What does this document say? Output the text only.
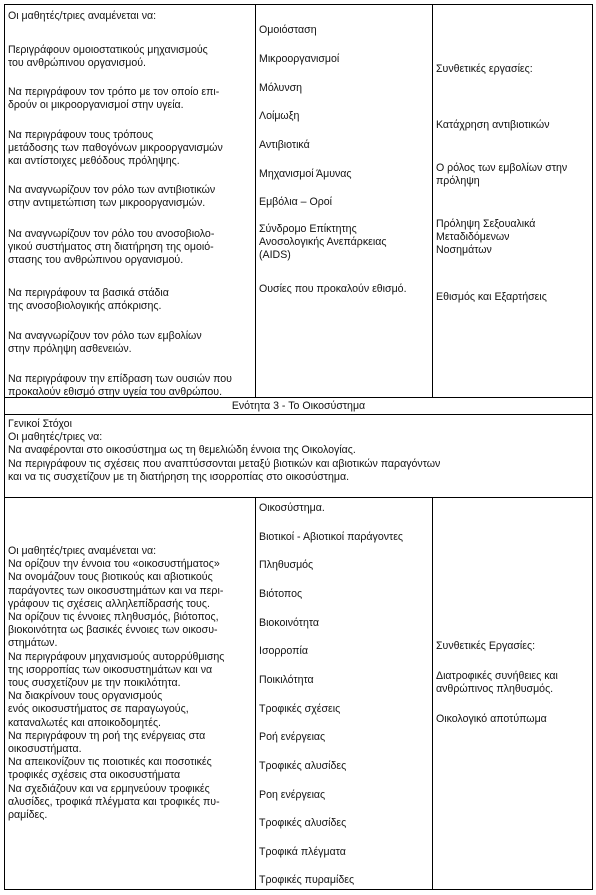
Οι μαθητές/τριες αναμένεται να:
Περιγράφουν ομοιοστατικούς μηχανισμούς
του ανθρώπινου οργανισμού.
Να περιγράφουν τον τρόπο με τον οποίο επι-
δρούν οι μικροοργανισμοί στην υγεία.
Να περιγράφουν τους τρόπους
μετάδοσης των παθογόνων μικροοργανισμών
και αντίστοιχες μεθόδους πρόληψης.
Να αναγνωρίζουν τον ρόλο των αντιβιοτικών
στην αντιμετώπιση των μικροοργανισμών.
Να αναγνωρίζουν τον ρόλο του ανοσοβιολο-
γικού συστήματος στη διατήρηση της ομοιό-
στασης του ανθρώπινου οργανισμού.
Να περιγράφουν τα βασικά στάδια
της ανοσοβιολογικής απόκρισης.
Να αναγνωρίζουν τον ρόλο των εμβολίων
στην πρόληψη ασθενειών.
Να περιγράφουν την επίδραση των ουσιών που
προκαλούν εθισμό στην υγεία του ανθρώπου.
Ομοιόσταση
Μικροοργανισμοί
Μόλυνση
Λοίμωξη
Αντιβιοτικά
Μηχανισμοί Άμυνας
Εμβόλια – Οροί
Σύνδρομο Επίκτητης
Ανοσολογικής Ανεπάρκειας
(AIDS)
Ουσίες που προκαλούν εθισμό.
Συνθετικές εργασίες:
Κατάχρηση αντιβιοτικών
Ο ρόλος των εμβολίων στην
πρόληψη
Πρόληψη Σεξουαλικά
Μεταδιδόμενων
Νοσημάτων
Εθισμός και Εξαρτήσεις
Ενότητα 3 - Το Οικοσύστημα
Γενικοί Στόχοι
Οι μαθητές/τριες να:
Να αναφέρονται στο οικοσύστημα ως τη θεμελιώδη έννοια της Οικολογίας.
Να περιγράφουν τις σχέσεις που αναπτύσσονται μεταξύ βιοτικών και αβιοτικών παραγόντων
και να τις συσχετίζουν με τη διατήρηση της ισορροπίας στο οικοσύστημα.
Οι μαθητές/τριες αναμένεται να:
Να ορίζουν την έννοια του «οικοσυστήματος»
Να ονομάζουν τους βιοτικούς και αβιοτικούς
παράγοντες των οικοσυστημάτων και να περι-
γράφουν τις σχέσεις αλληλεπίδρασής τους.
Να ορίζουν τις έννοιες πληθυσμός, βιότοπος,
βιοκοινότητα ως βασικές έννοιες των οικοσυ-
στημάτων.
Να περιγράφουν μηχανισμούς αυτορρύθμισης
της ισορροπίας των οικοσυστημάτων και να
τους συσχετίζουν με την ποικιλότητα.
Να διακρίνουν τους οργανισμούς
ενός οικοσυστήματος σε παραγωγούς,
καταναλωτές και αποικοδομητές.
Να περιγράφουν τη ροή της ενέργειας στα
οικοσυστήματα.
Να απεικονίζουν τις ποιοτικές και ποσοτικές
τροφικές σχέσεις στα οικοσυστήματα
Να σχεδιάζουν και να ερμηνεύουν τροφικές
αλυσίδες, τροφικά πλέγματα και τροφικές πυ-
ραμίδες.
Οικοσύστημα.
Βιοτικοί - Αβιοτικοί παράγοντες
Πληθυσμός
Βιότοπος
Βιοκοινότητα
Ισορροπία
Ποικιλότητα
Τροφικές σχέσεις
Ροή ενέργειας
Τροφικές αλυσίδες
Ροη ενέργειας
Τροφικές αλυσίδες
Τροφικά πλέγματα
Τροφικές πυραμίδες
Συνθετικές Εργασίες:
Διατροφικές συνήθειες και
ανθρώπινος πληθυσμός.
Οικολογικό αποτύπωμα
